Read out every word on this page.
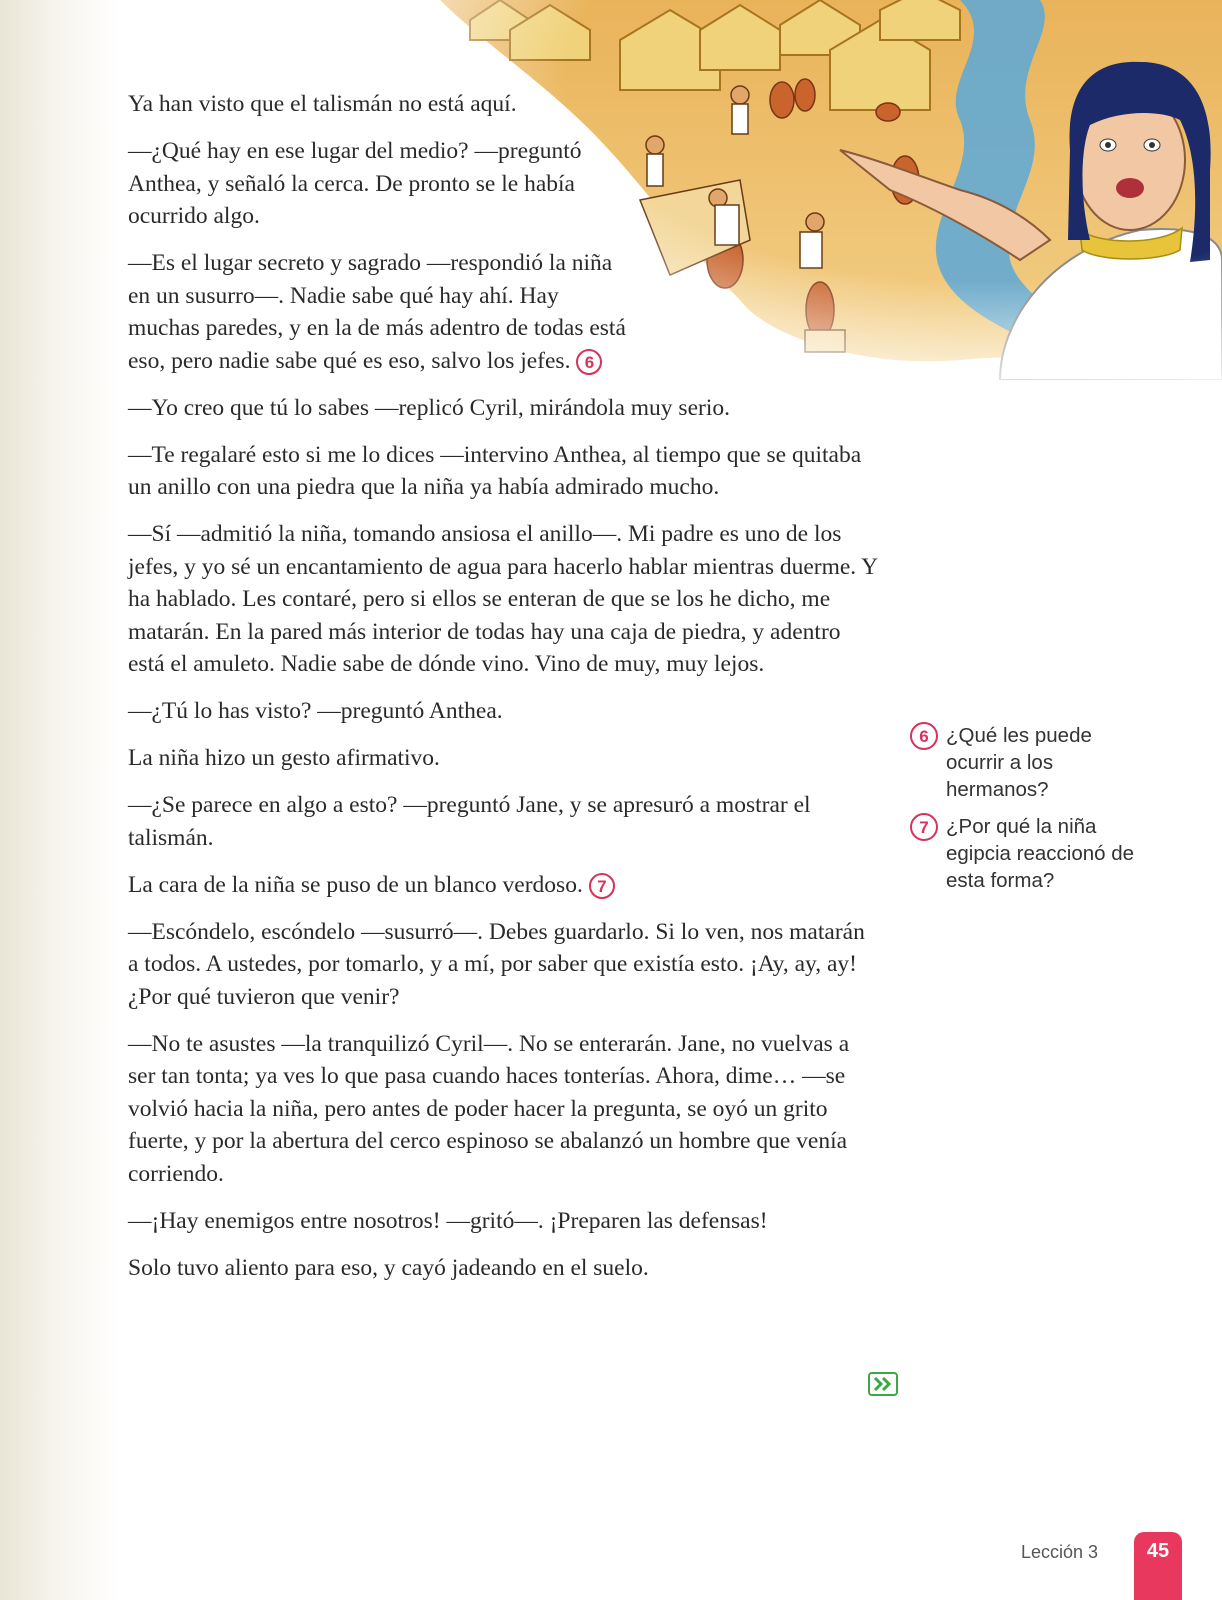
Ya han visto que el talismán no está aquí.

—¿Qué hay en ese lugar del medio? —preguntó Anthea, y señaló la cerca. De pronto se le había ocurrido algo.

—Es el lugar secreto y sagrado —respondió la niña en un susurro—. Nadie sabe qué hay ahí. Hay muchas paredes, y en la de más adentro de todas está eso, pero nadie sabe qué es eso, salvo los jefes. 6

—Yo creo que tú lo sabes —replicó Cyril, mirándola muy serio.

—Te regalaré esto si me lo dices —intervino Anthea, al tiempo que se quitaba un anillo con una piedra que la niña ya había admirado mucho.

—Sí —admitió la niña, tomando ansiosa el anillo—. Mi padre es uno de los jefes, y yo sé un encantamiento de agua para hacerlo hablar mientras duerme. Y ha hablado. Les contaré, pero si ellos se enteran de que se los he dicho, me matarán. En la pared más interior de todas hay una caja de piedra, y adentro está el amuleto. Nadie sabe de dónde vino. Vino de muy, muy lejos.

—¿Tú lo has visto? —preguntó Anthea.

La niña hizo un gesto afirmativo.

—¿Se parece en algo a esto? —preguntó Jane, y se apresuró a mostrar el talismán.

La cara de la niña se puso de un blanco verdoso. 7

—Escóndelo, escóndelo —susurró—. Debes guardarlo. Si lo ven, nos matarán a todos. A ustedes, por tomarlo, y a mí, por saber que existía esto. ¡Ay, ay, ay! ¿Por qué tuvieron que venir?

—No te asustes —la tranquilizó Cyril—. No se enterarán. Jane, no vuelvas a ser tan tonta; ya ves lo que pasa cuando haces tonterías. Ahora, dime… —se volvió hacia la niña, pero antes de poder hacer la pregunta, se oyó un grito fuerte, y por la abertura del cerco espinoso se abalanzó un hombre que venía corriendo.

—¡Hay enemigos entre nosotros! —gritó—. ¡Preparen las defensas!

Solo tuvo aliento para eso, y cayó jadeando en el suelo.

6 ¿Qué les puede ocurrir a los hermanos?
7 ¿Por qué la niña egipcia reaccionó de esta forma?
Lección 3	45
